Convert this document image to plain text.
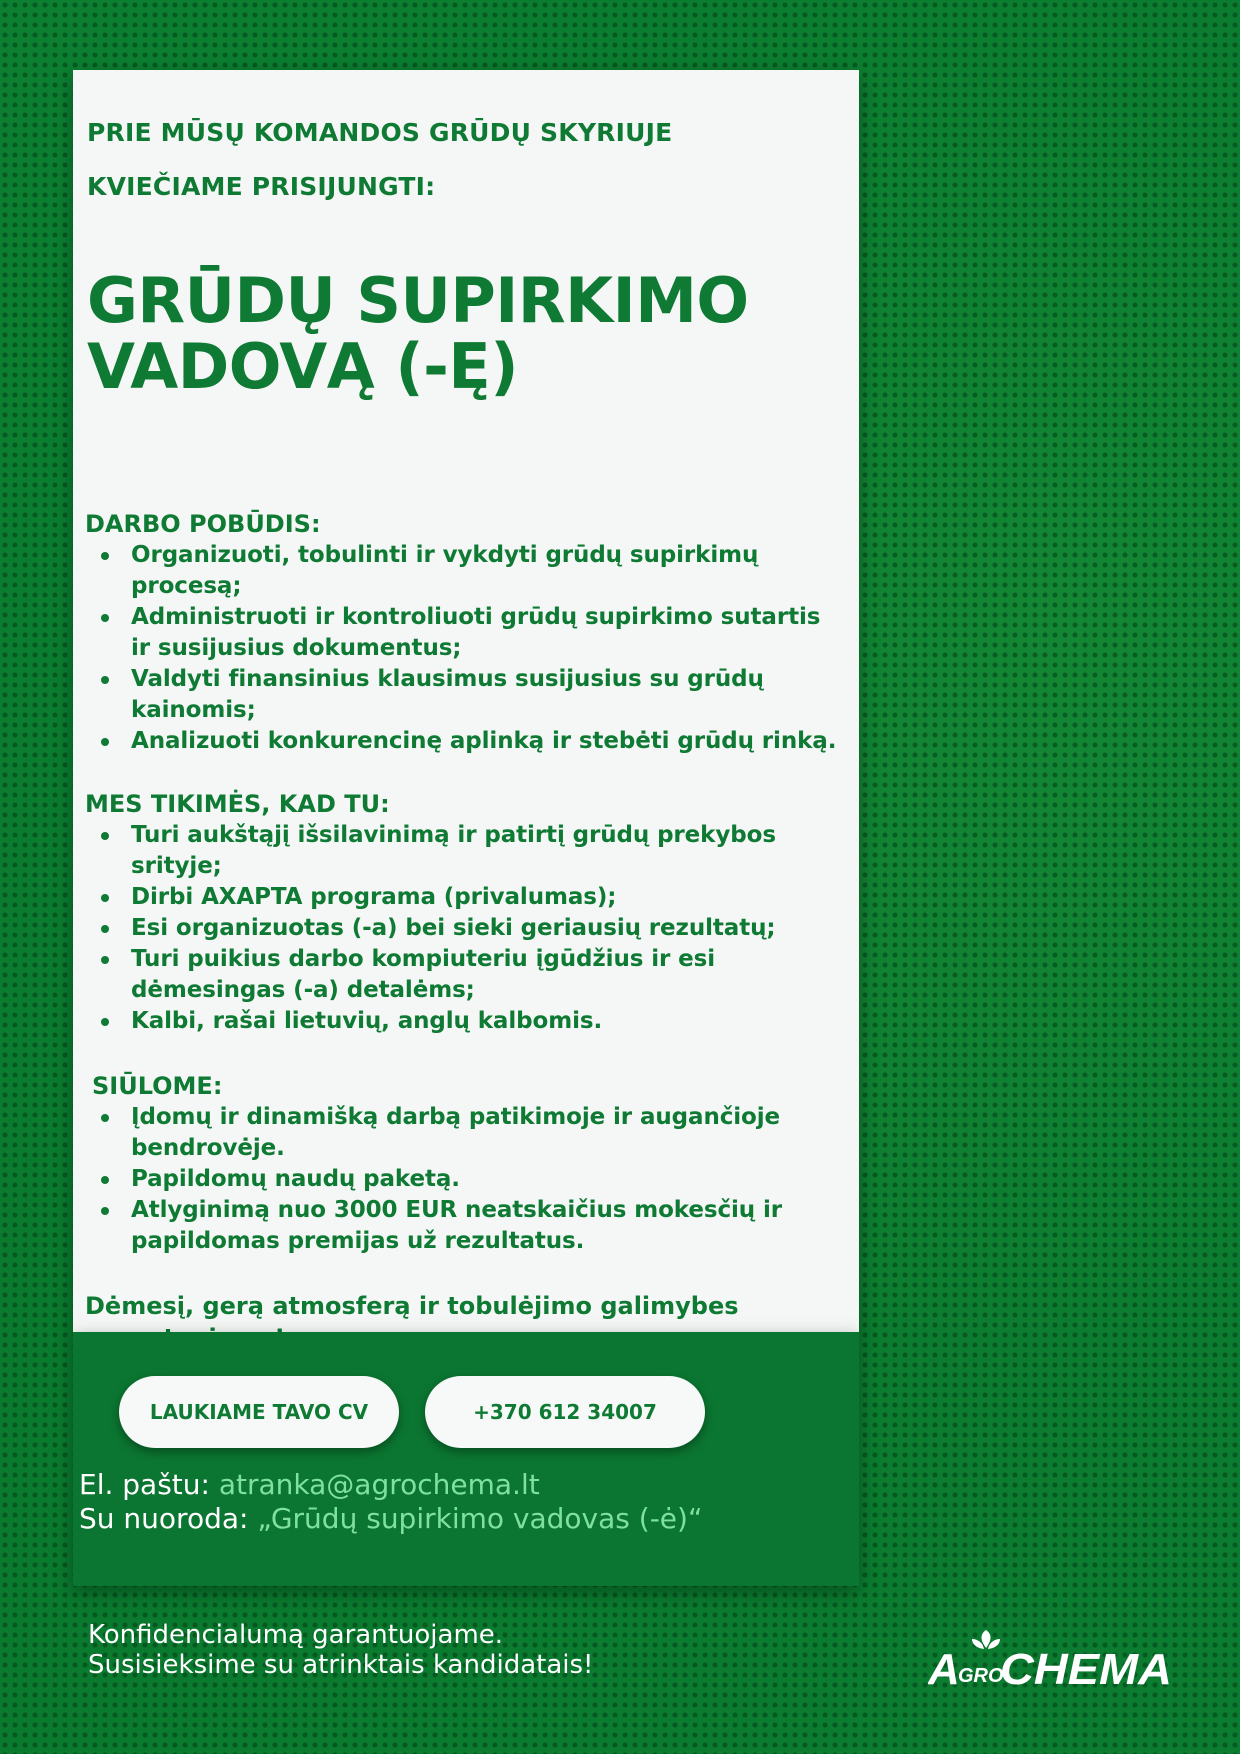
PRIE MŪSŲ KOMANDOS GRŪDŲ SKYRIUJE
KVIEČIAME PRISIJUNGTI:
GRŪDŲ SUPIRKIMO
VADOVĄ (-Ę)
DARBO POBŪDIS:
Organizuoti, tobulinti ir vykdyti grūdų supirkimų procesą;
Administruoti ir kontroliuoti grūdų supirkimo sutartis ir susijusius dokumentus;
Valdyti finansinius klausimus susijusius su grūdų kainomis;
Analizuoti konkurencinę aplinką ir stebėti grūdų rinką.
MES TIKIMĖS, KAD TU:
Turi aukštąjį išsilavinimą ir patirtį grūdų prekybos srityje;
Dirbi AXAPTA programa (privalumas);
Esi organizuotas (-a) bei sieki geriausių rezultatų;
Turi puikius darbo kompiuteriu įgūdžius ir esi dėmesingas (-a) detalėms;
Kalbi, rašai lietuvių, anglų kalbomis.
SIŪLOME:
Įdomų ir dinamišką darbą patikimoje ir augančioje bendrovėje.
Papildomų naudų paketą.
Atlyginimą nuo 3000 EUR neatskaičius mokesčių ir papildomas premijas už rezultatus.
Dėmesį, gerą atmosferą ir tobulėjimo galimybes
LAUKIAME TAVO CV	+370 612 34007
El. paštu: atranka@agrochema.lt
Su nuoroda: „Grūdų supirkimo vadovas (-ė)“
Konfidencialumą garantuojame.
Susisieksime su atrinktais kandidatais!	A
GRO
CHEMA
